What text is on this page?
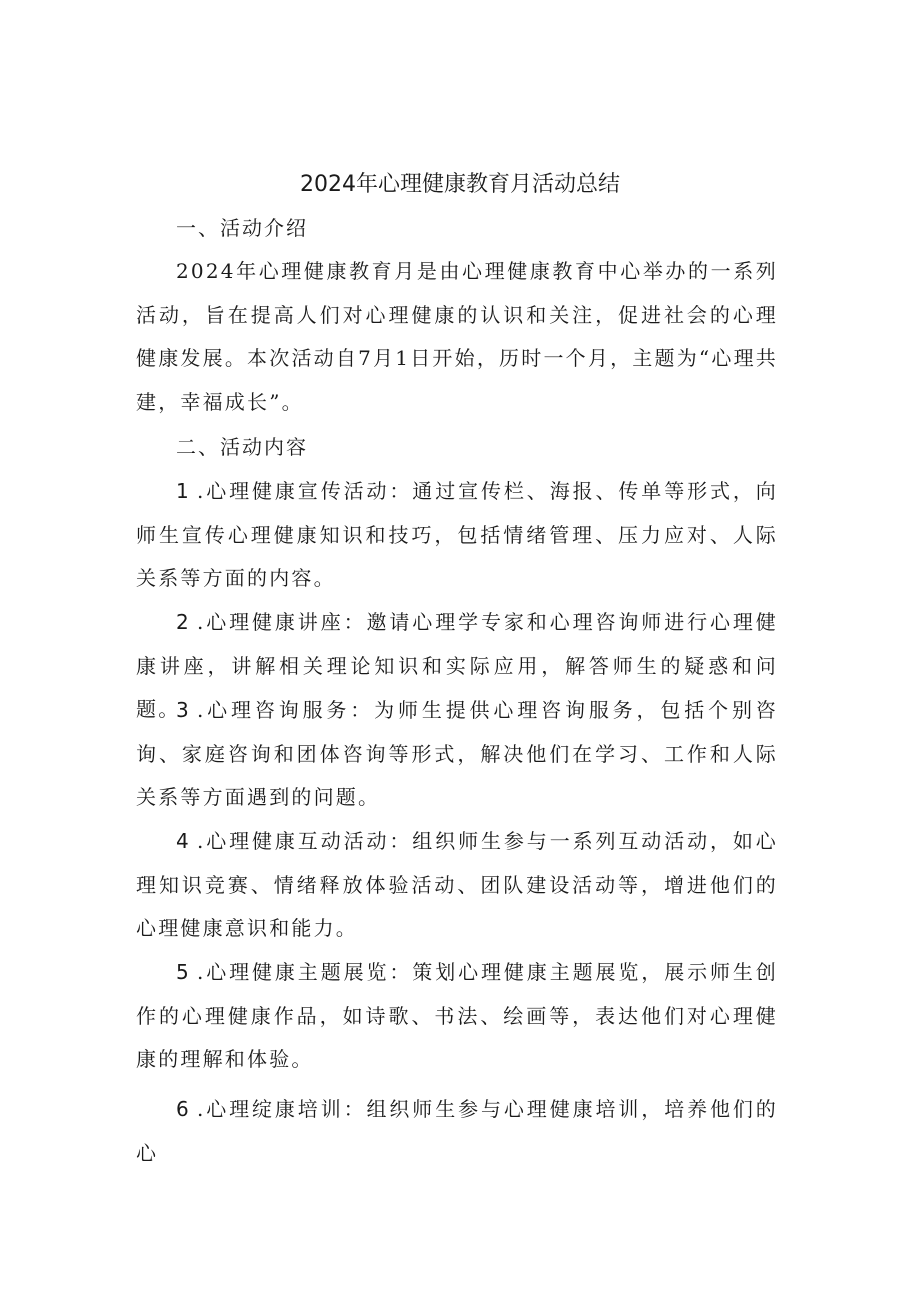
2024年心理健康教育月活动总结

一、活动介绍

2024年心理健康教育月是由心理健康教育中心举办的一系列活动，旨在提高人们对心理健康的认识和关注，促进社会的心理健康发展。本次活动自7月1日开始，历时一个月，主题为“心理共建，幸福成长”。

二、活动内容

1 .心理健康宣传活动：通过宣传栏、海报、传单等形式，向师生宣传心理健康知识和技巧，包括情绪管理、压力应对、人际关系等方面的内容。

2 .心理健康讲座：邀请心理学专家和心理咨询师进行心理健康讲座，讲解相关理论知识和实际应用，解答师生的疑惑和问题。

3 .心理咨询服务：为师生提供心理咨询服务，包括个别咨询、家庭咨询和团体咨询等形式，解决他们在学习、工作和人际关系等方面遇到的问题。

4 .心理健康互动活动：组织师生参与一系列互动活动，如心理知识竞赛、情绪释放体验活动、团队建设活动等，增进他们的心理健康意识和能力。

5 .心理健康主题展览：策划心理健康主题展览，展示师生创作的心理健康作品，如诗歌、书法、绘画等，表达他们对心理健康的理解和体验。

6 .心理绽康培训：组织师生参与心理健康培训，培养他们的心
